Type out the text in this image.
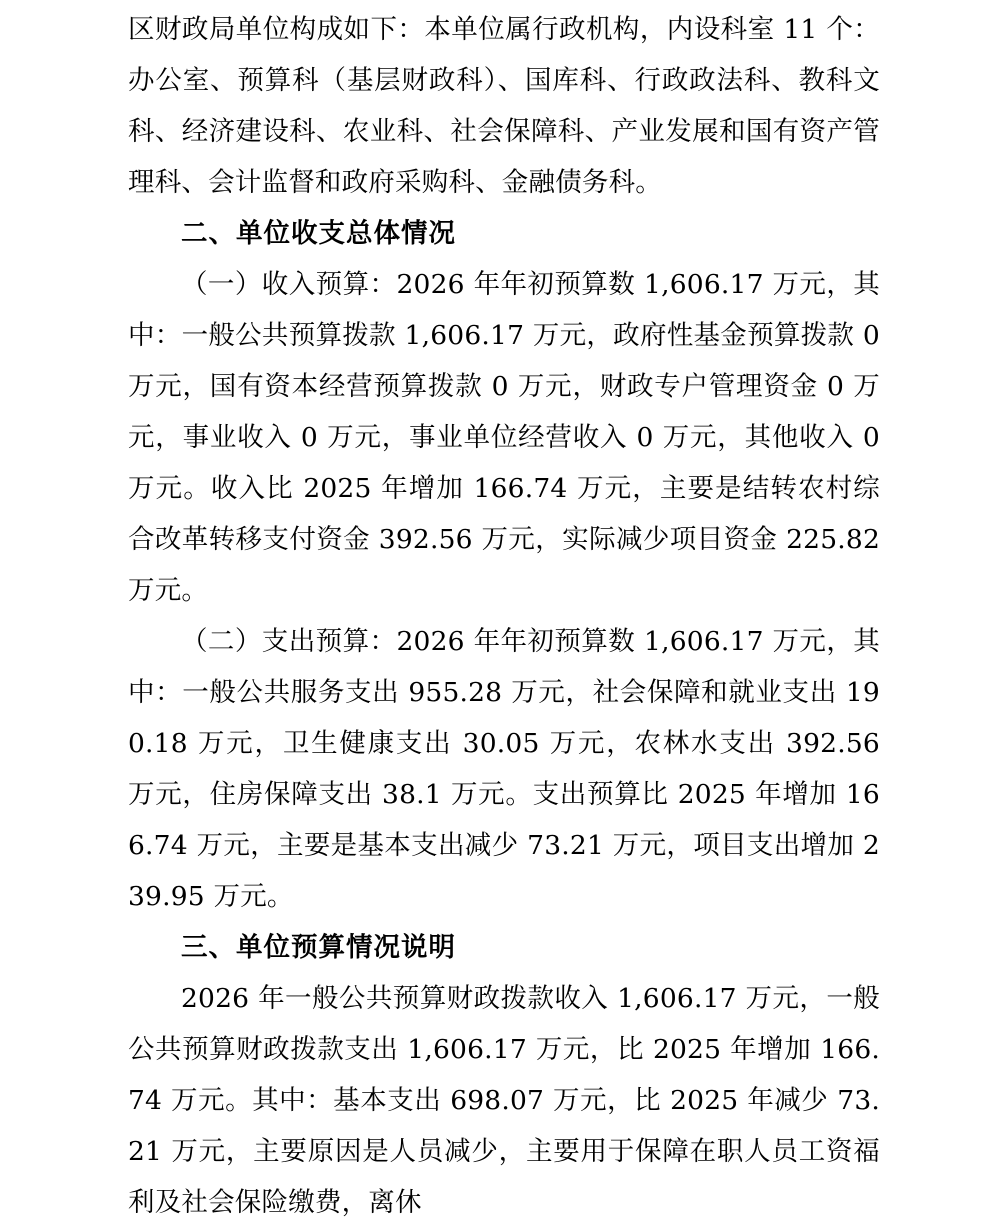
区财政局单位构成如下：本单位属行政机构，内设科室 11 个：办公室、预算科（基层财政科）、国库科、行政政法科、教科文科、经济建设科、农业科、社会保障科、产业发展和国有资产管理科、会计监督和政府采购科、金融债务科。

二、单位收支总体情况

（一）收入预算：2026 年年初预算数 1,606.17 万元，其中：一般公共预算拨款 1,606.17 万元，政府性基金预算拨款 0 万元，国有资本经营预算拨款 0 万元，财政专户管理资金 0 万元，事业收入 0 万元，事业单位经营收入 0 万元，其他收入 0 万元。收入比 2025 年增加 166.74 万元，主要是结转农村综合改革转移支付资金 392.56 万元，实际减少项目资金 225.82 万元。

（二）支出预算：2026 年年初预算数 1,606.17 万元，其中：一般公共服务支出 955.28 万元，社会保障和就业支出 190.18 万元，卫生健康支出 30.05 万元，农林水支出 392.56 万元，住房保障支出 38.1 万元。支出预算比 2025 年增加 166.74 万元，主要是基本支出减少 73.21 万元，项目支出增加 239.95 万元。

三、单位预算情况说明

2026 年一般公共预算财政拨款收入 1,606.17 万元，一般公共预算财政拨款支出 1,606.17 万元，比 2025 年增加 166.74 万元。其中：基本支出 698.07 万元，比 2025 年减少 73.21 万元，主要原因是人员减少，主要用于保障在职人员工资福利及社会保险缴费，离休
